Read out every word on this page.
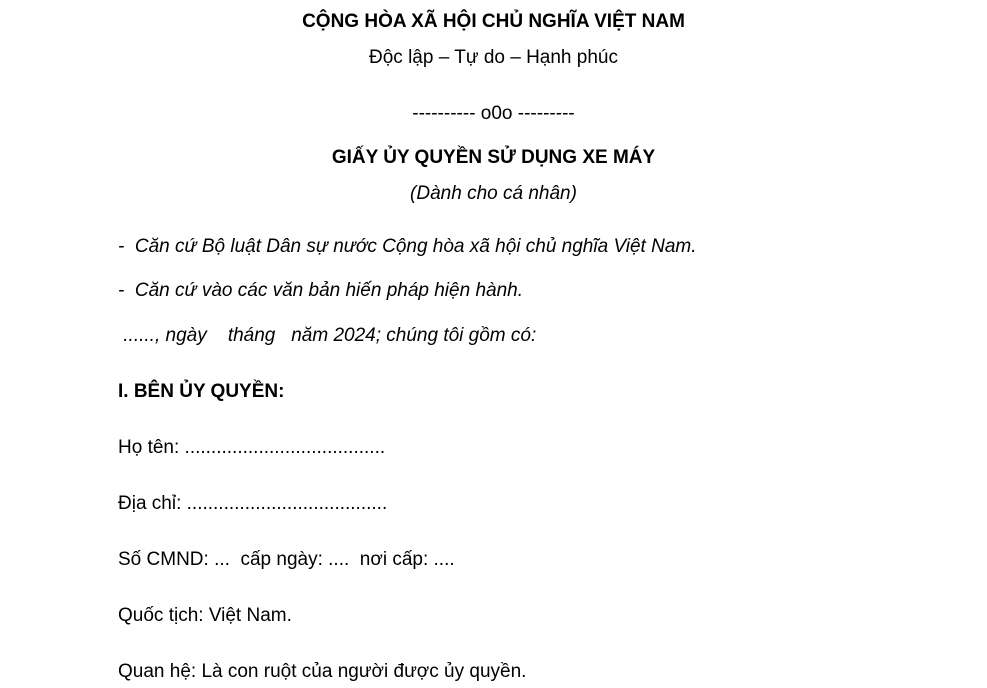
CỘNG HÒA XÃ HỘI CHỦ NGHĨA VIỆT NAM
Độc lập – Tự do – Hạnh phúc
---------- o0o ---------
GIẤY ỦY QUYỀN SỬ DỤNG XE MÁY
(Dành cho cá nhân)
-  Căn cứ Bộ luật Dân sự nước Cộng hòa xã hội chủ nghĩa Việt Nam.
-  Căn cứ vào các văn bản hiến pháp hiện hành.
......, ngày    tháng   năm 2024; chúng tôi gồm có:
I. BÊN ỦY QUYỀN:
Họ tên: ......................................
Địa chỉ: ......................................
Số CMND: ...  cấp ngày: ....  nơi cấp: ....
Quốc tịch: Việt Nam.
Quan hệ: Là con ruột của người được ủy quyền.
